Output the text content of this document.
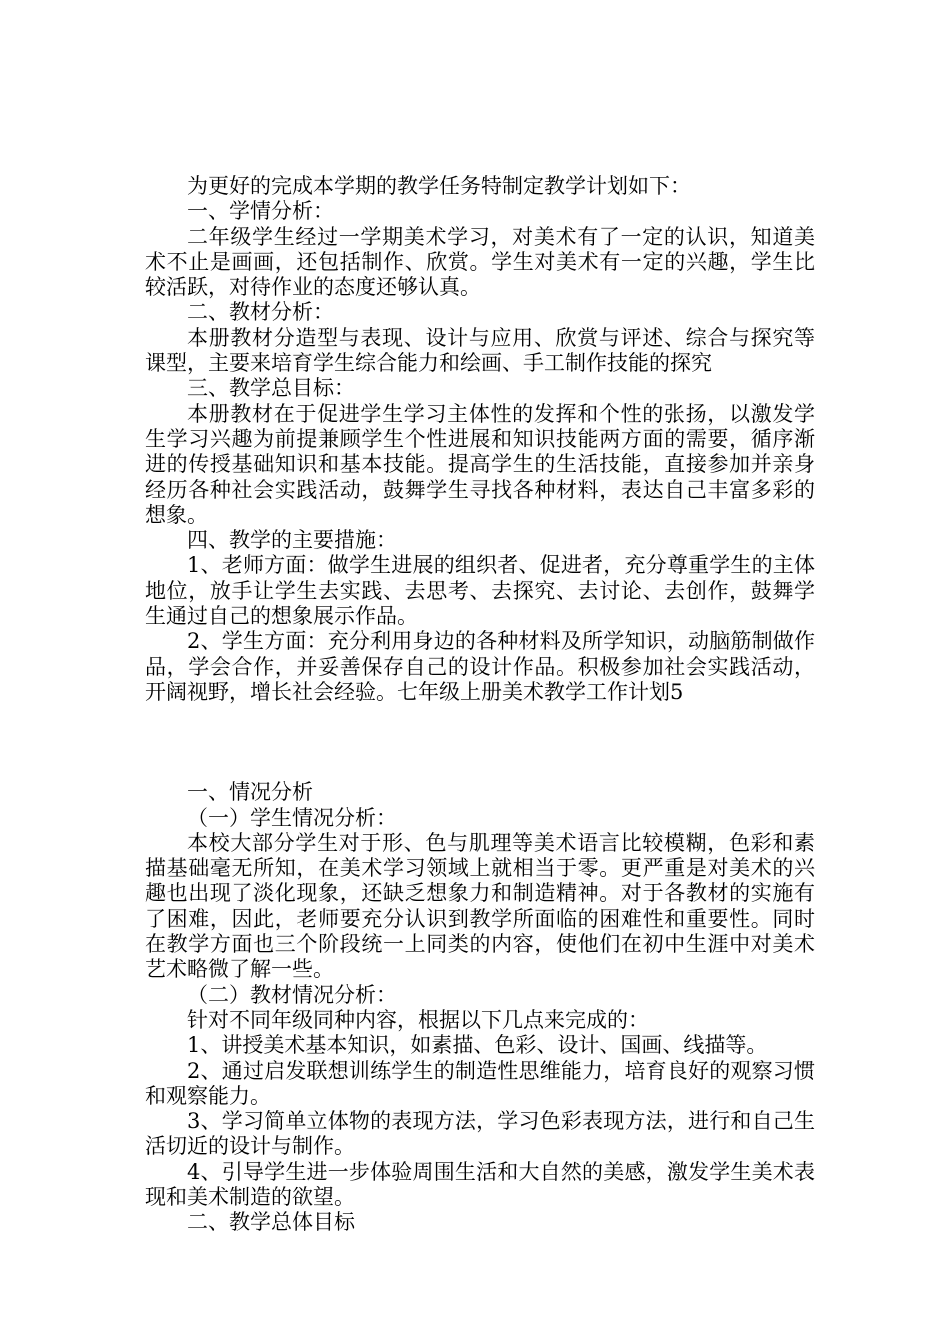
为更好的完成本学期的教学任务特制定教学计划如下：

一、学情分析：

二年级学生经过一学期美术学习，对美术有了一定的认识，知道美术不止是画画，还包括制作、欣赏。学生对美术有一定的兴趣，学生比较活跃，对待作业的态度还够认真。

二、教材分析：

本册教材分造型与表现、设计与应用、欣赏与评述、综合与探究等课型，主要来培育学生综合能力和绘画、手工制作技能的探究

三、教学总目标：

本册教材在于促进学生学习主体性的发挥和个性的张扬，以激发学生学习兴趣为前提兼顾学生个性进展和知识技能两方面的需要，循序渐进的传授基础知识和基本技能。提高学生的生活技能，直接参加并亲身经历各种社会实践活动，鼓舞学生寻找各种材料，表达自己丰富多彩的想象。

四、教学的主要措施：

1、老师方面：做学生进展的组织者、促进者，充分尊重学生的主体地位，放手让学生去实践、去思考、去探究、去讨论、去创作，鼓舞学生通过自己的想象展示作品。

2、学生方面：充分利用身边的各种材料及所学知识，动脑筋制做作品，学会合作，并妥善保存自己的设计作品。积极参加社会实践活动，开阔视野，增长社会经验。七年级上册美术教学工作计划5

一、情况分析

（一）学生情况分析：

本校大部分学生对于形、色与肌理等美术语言比较模糊，色彩和素描基础毫无所知，在美术学习领域上就相当于零。更严重是对美术的兴趣也出现了淡化现象，还缺乏想象力和制造精神。对于各教材的实施有了困难，因此，老师要充分认识到教学所面临的困难性和重要性。同时在教学方面也三个阶段统一上同类的内容，使他们在初中生涯中对美术艺术略微了解一些。

（二）教材情况分析：

针对不同年级同种内容，根据以下几点来完成的：

1、讲授美术基本知识，如素描、色彩、设计、国画、线描等。

2、通过启发联想训练学生的制造性思维能力，培育良好的观察习惯和观察能力。

3、学习简单立体物的表现方法，学习色彩表现方法，进行和自己生活切近的设计与制作。

4、引导学生进一步体验周围生活和大自然的美感，激发学生美术表现和美术制造的欲望。

二、教学总体目标
